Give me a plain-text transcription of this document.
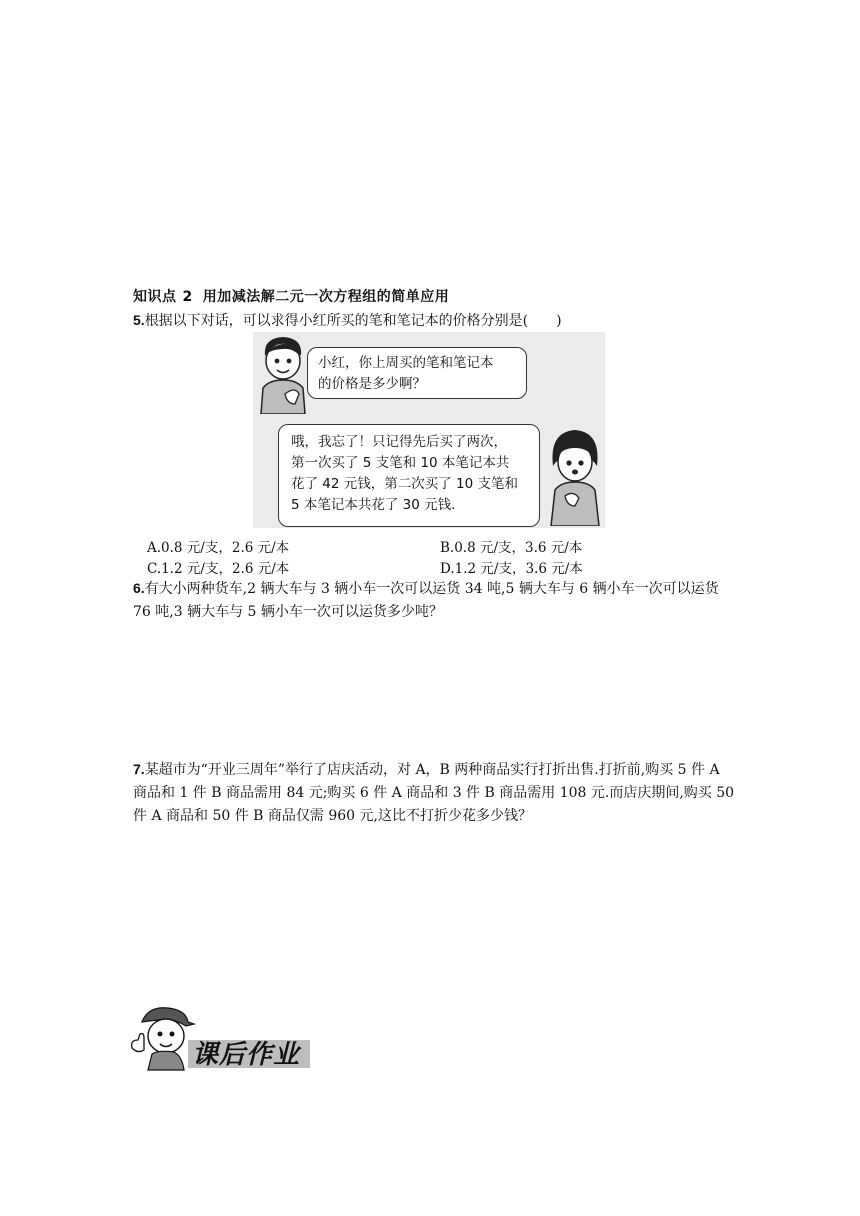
知识点 2 用加减法解二元一次方程组的简单应用
5.根据以下对话，可以求得小红所买的笔和笔记本的价格分别是(　　)
小红，你上周买的笔和笔记本
的价格是多少啊？
哦，我忘了！只记得先后买了两次，
第一次买了 5 支笔和 10 本笔记本共
花了 42 元钱，第二次买了 10 支笔和
5 本笔记本共花了 30 元钱.
A.0.8 元/支，2.6 元/本	B.0.8 元/支，3.6 元/本
C.1.2 元/支，2.6 元/本	D.1.2 元/支，3.6 元/本
6.有大小两种货车,2 辆大车与 3 辆小车一次可以运货 34 吨,5 辆大车与 6 辆小车一次可以运货 76 吨,3 辆大车与 5 辆小车一次可以运货多少吨？
7.某超市为“开业三周年”举行了店庆活动，对 A，B 两种商品实行打折出售.打折前,购买 5 件 A 商品和 1 件 B 商品需用 84 元;购买 6 件 A 商品和 3 件 B 商品需用 108 元.而店庆期间,购买 50 件 A 商品和 50 件 B 商品仅需 960 元,这比不打折少花多少钱？
课后作业
